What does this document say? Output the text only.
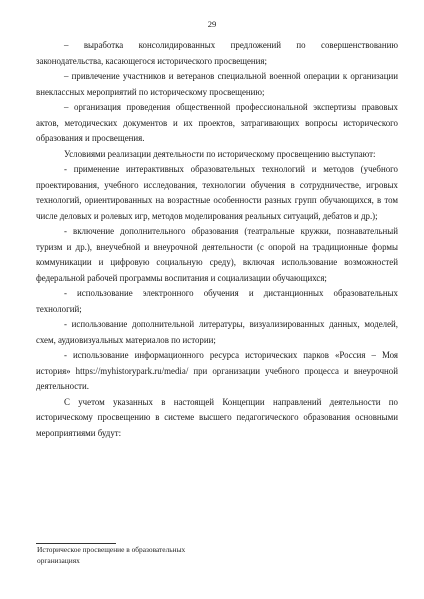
29

– выработка консолидированных предложений по совершенствованию законодательства, касающегося исторического просвещения;

– привлечение участников и ветеранов специальной военной операции к организации внеклассных мероприятий по историческому просвещению;

– организация проведения общественной профессиональной экспертизы правовых актов, методических документов и их проектов, затрагивающих вопросы исторического образования и просвещения.

Условиями реализации деятельности по историческому просвещению выступают:

- применение интерактивных образовательных технологий и методов (учебного проектирования, учебного исследования, технологии обучения в сотрудничестве, игровых технологий, ориентированных на возрастные особенности разных групп обучающихся, в том числе деловых и ролевых игр, методов моделирования реальных ситуаций, дебатов и др.);

- включение дополнительного образования (театральные кружки, познавательный туризм и др.), внеучебной и внеурочной деятельности (с опорой на традиционные формы коммуникации и цифровую социальную среду), включая использование возможностей федеральной рабочей программы воспитания и социализации обучающихся;

- использование электронного обучения и дистанционных образовательных технологий;

- использование дополнительной литературы, визуализированных данных, моделей, схем, аудиовизуальных материалов по истории;

- использование информационного ресурса исторических парков «Россия – Моя история» https://myhistorypark.ru/media/ при организации учебного процесса и внеурочной деятельности.

С учетом указанных в настоящей Концепции направлений деятельности по историческому просвещению в системе высшего педагогического образования основными мероприятиями будут:

Историческое просвещение в образовательных организациях
